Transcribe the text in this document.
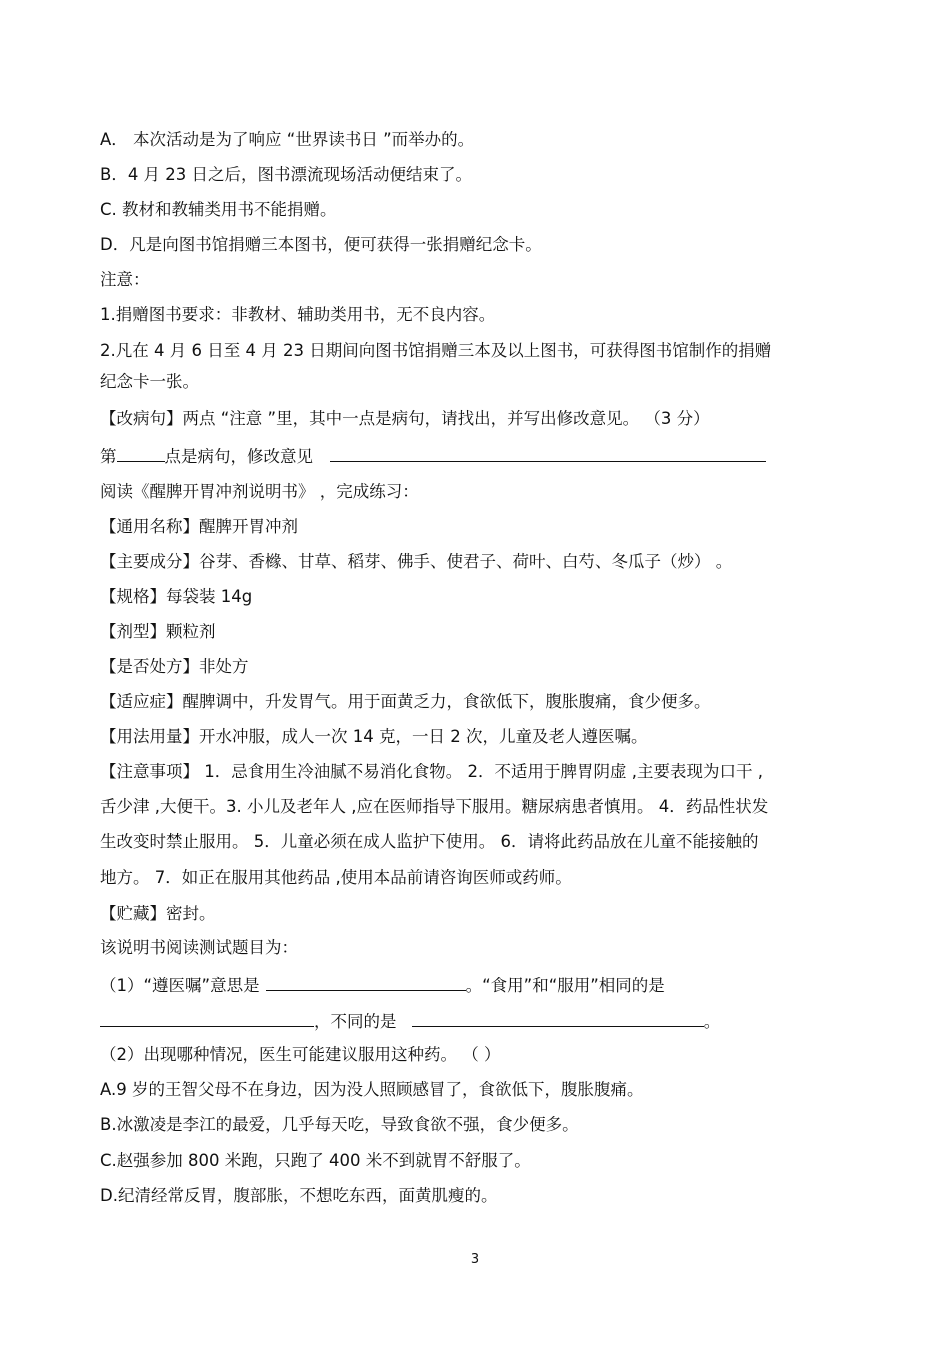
A． 本次活动是为了响应 “世界读书日 ”而举办的。
B．4 月 23 日之后，图书漂流现场活动便结束了。
C. 教材和教辅类用书不能捐赠。
D．凡是向图书馆捐赠三本图书，便可获得一张捐赠纪念卡。
注意：
1.捐赠图书要求：非教材、辅助类用书，无不良内容。
2.凡在 4 月 6 日至 4 月 23 日期间向图书馆捐赠三本及以上图书，可获得图书馆制作的捐赠
纪念卡一张。
【改病句】两点 “注意 ”里，其中一点是病句，请找出，并写出修改意见。 （3 分）
第	点是病句，修改意见
阅读《醒脾开胃冲剂说明书》 ，完成练习：
【通用名称】醒脾开胃冲剂
【主要成分】谷芽、香橼、甘草、稻芽、佛手、使君子、荷叶、白芍、冬瓜子（炒） 。
【规格】每袋装 14g
【剂型】颗粒剂
【是否处方】非处方
【适应症】醒脾调中，升发胃气。用于面黄乏力，食欲低下，腹胀腹痛，食少便多。
【用法用量】开水冲服，成人一次 14 克，一日 2 次，儿童及老人遵医嘱。
【注意事项】 1．忌食用生冷油腻不易消化食物。 2．不适用于脾胃阴虚 ,主要表现为口干 ,
舌少津 ,大便干。3. 小儿及老年人 ,应在医师指导下服用。糖尿病患者慎用。 4．药品性状发
生改变时禁止服用。 5．儿童必须在成人监护下使用。 6．请将此药品放在儿童不能接触的
地方。 7．如正在服用其他药品 ,使用本品前请咨询医师或药师。
【贮藏】密封。
该说明书阅读测试题目为：
（1）“遵医嘱”意思是	。“食用”和“服用”相同的是
，不同的是	。
（2）出现哪种情况，医生可能建议服用这种药。 （ ）
A.9 岁的王智父母不在身边，因为没人照顾感冒了，食欲低下，腹胀腹痛。
B.冰激凌是李江的最爱，几乎每天吃，导致食欲不强，食少便多。
C.赵强参加 800 米跑，只跑了 400 米不到就胃不舒服了。
D.纪清经常反胃，腹部胀，不想吃东西，面黄肌瘦的。
3
